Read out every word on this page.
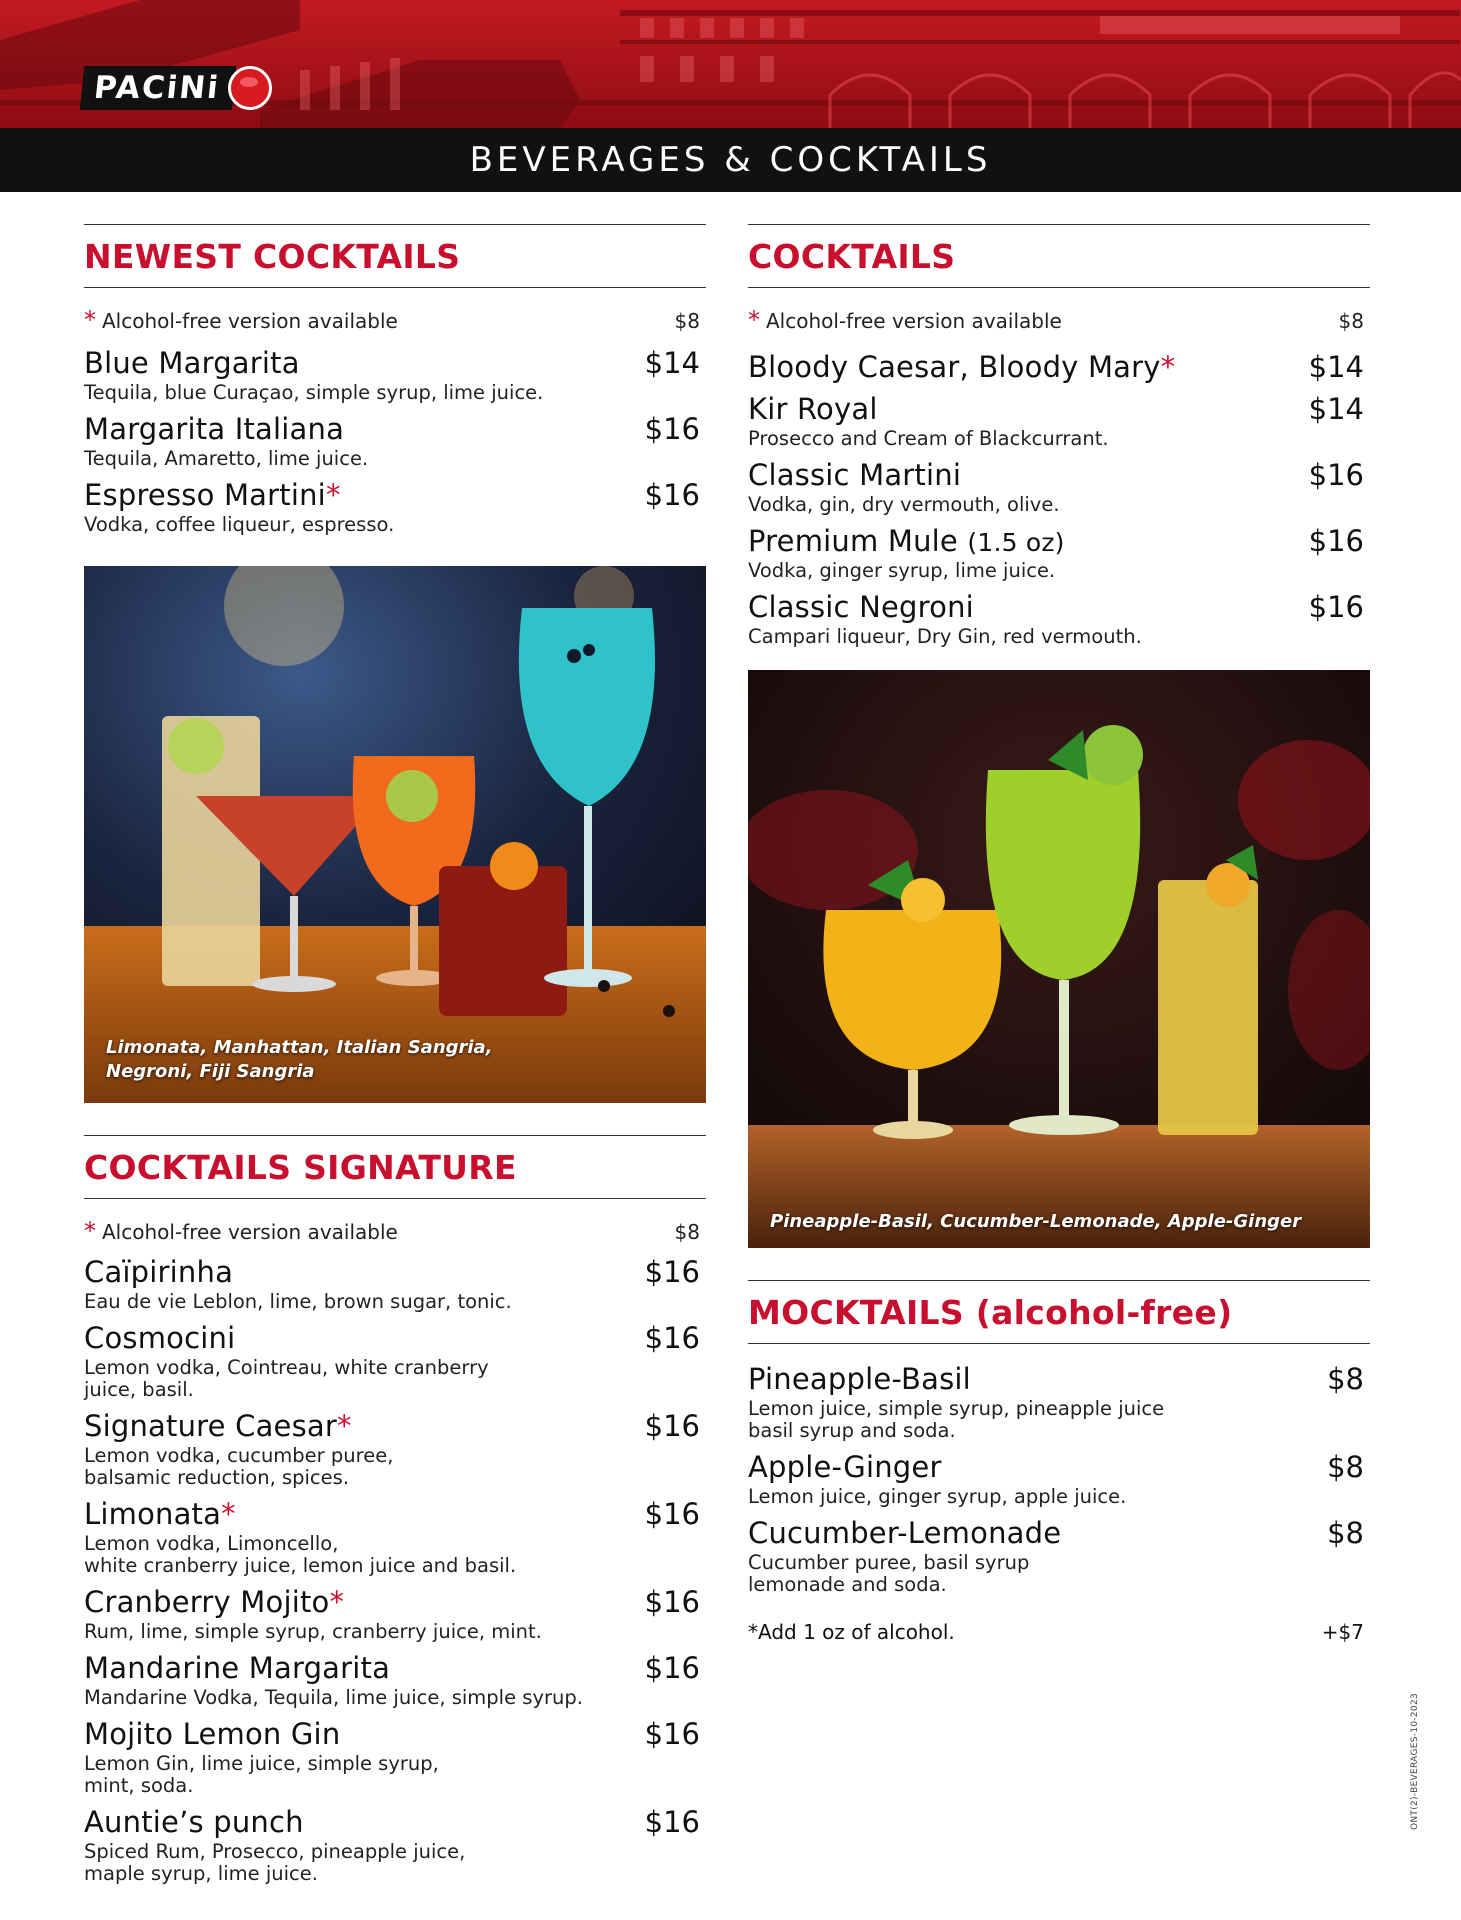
PACiNi
BEVERAGES & COCKTAILS
NEWEST COCKTAILS
* Alcohol-free version available	$8
Blue Margarita	$14
Tequila, blue Curaçao, simple syrup, lime juice.
Margarita Italiana	$16
Tequila, Amaretto, lime juice.
Espresso Martini*	$16
Vodka, coffee liqueur, espresso.
Limonata, Manhattan, Italian Sangria,
Negroni, Fiji Sangria
COCKTAILS SIGNATURE
* Alcohol-free version available	$8
Caïpirinha	$16
Eau de vie Leblon, lime, brown sugar, tonic.
Cosmocini	$16
Lemon vodka, Cointreau, white cranberry
juice, basil.
Signature Caesar*	$16
Lemon vodka, cucumber puree,
balsamic reduction, spices.
Limonata*	$16
Lemon vodka, Limoncello,
white cranberry juice, lemon juice and basil.
Cranberry Mojito*	$16
Rum, lime, simple syrup, cranberry juice, mint.
Mandarine Margarita	$16
Mandarine Vodka, Tequila, lime juice, simple syrup.
Mojito Lemon Gin	$16
Lemon Gin, lime juice, simple syrup,
mint, soda.
Auntie’s punch	$16
Spiced Rum, Prosecco, pineapple juice,
maple syrup, lime juice.
COCKTAILS
* Alcohol-free version available	$8
Bloody Caesar, Bloody Mary*	$14
Kir Royal	$14
Prosecco and Cream of Blackcurrant.
Classic Martini	$16
Vodka, gin, dry vermouth, olive.
Premium Mule (1.5 oz)	$16
Vodka, ginger syrup, lime juice.
Classic Negroni	$16
Campari liqueur, Dry Gin, red vermouth.
Pineapple-Basil, Cucumber-Lemonade, Apple-Ginger
MOCKTAILS (alcohol-free)
Pineapple-Basil	$8
Lemon juice, simple syrup, pineapple juice
basil syrup and soda.
Apple-Ginger	$8
Lemon juice, ginger syrup, apple juice.
Cucumber-Lemonade	$8
Cucumber puree, basil syrup
lemonade and soda.
*Add 1 oz of alcohol.	+$7
ONT(2)-BEVERAGES-10-2023
